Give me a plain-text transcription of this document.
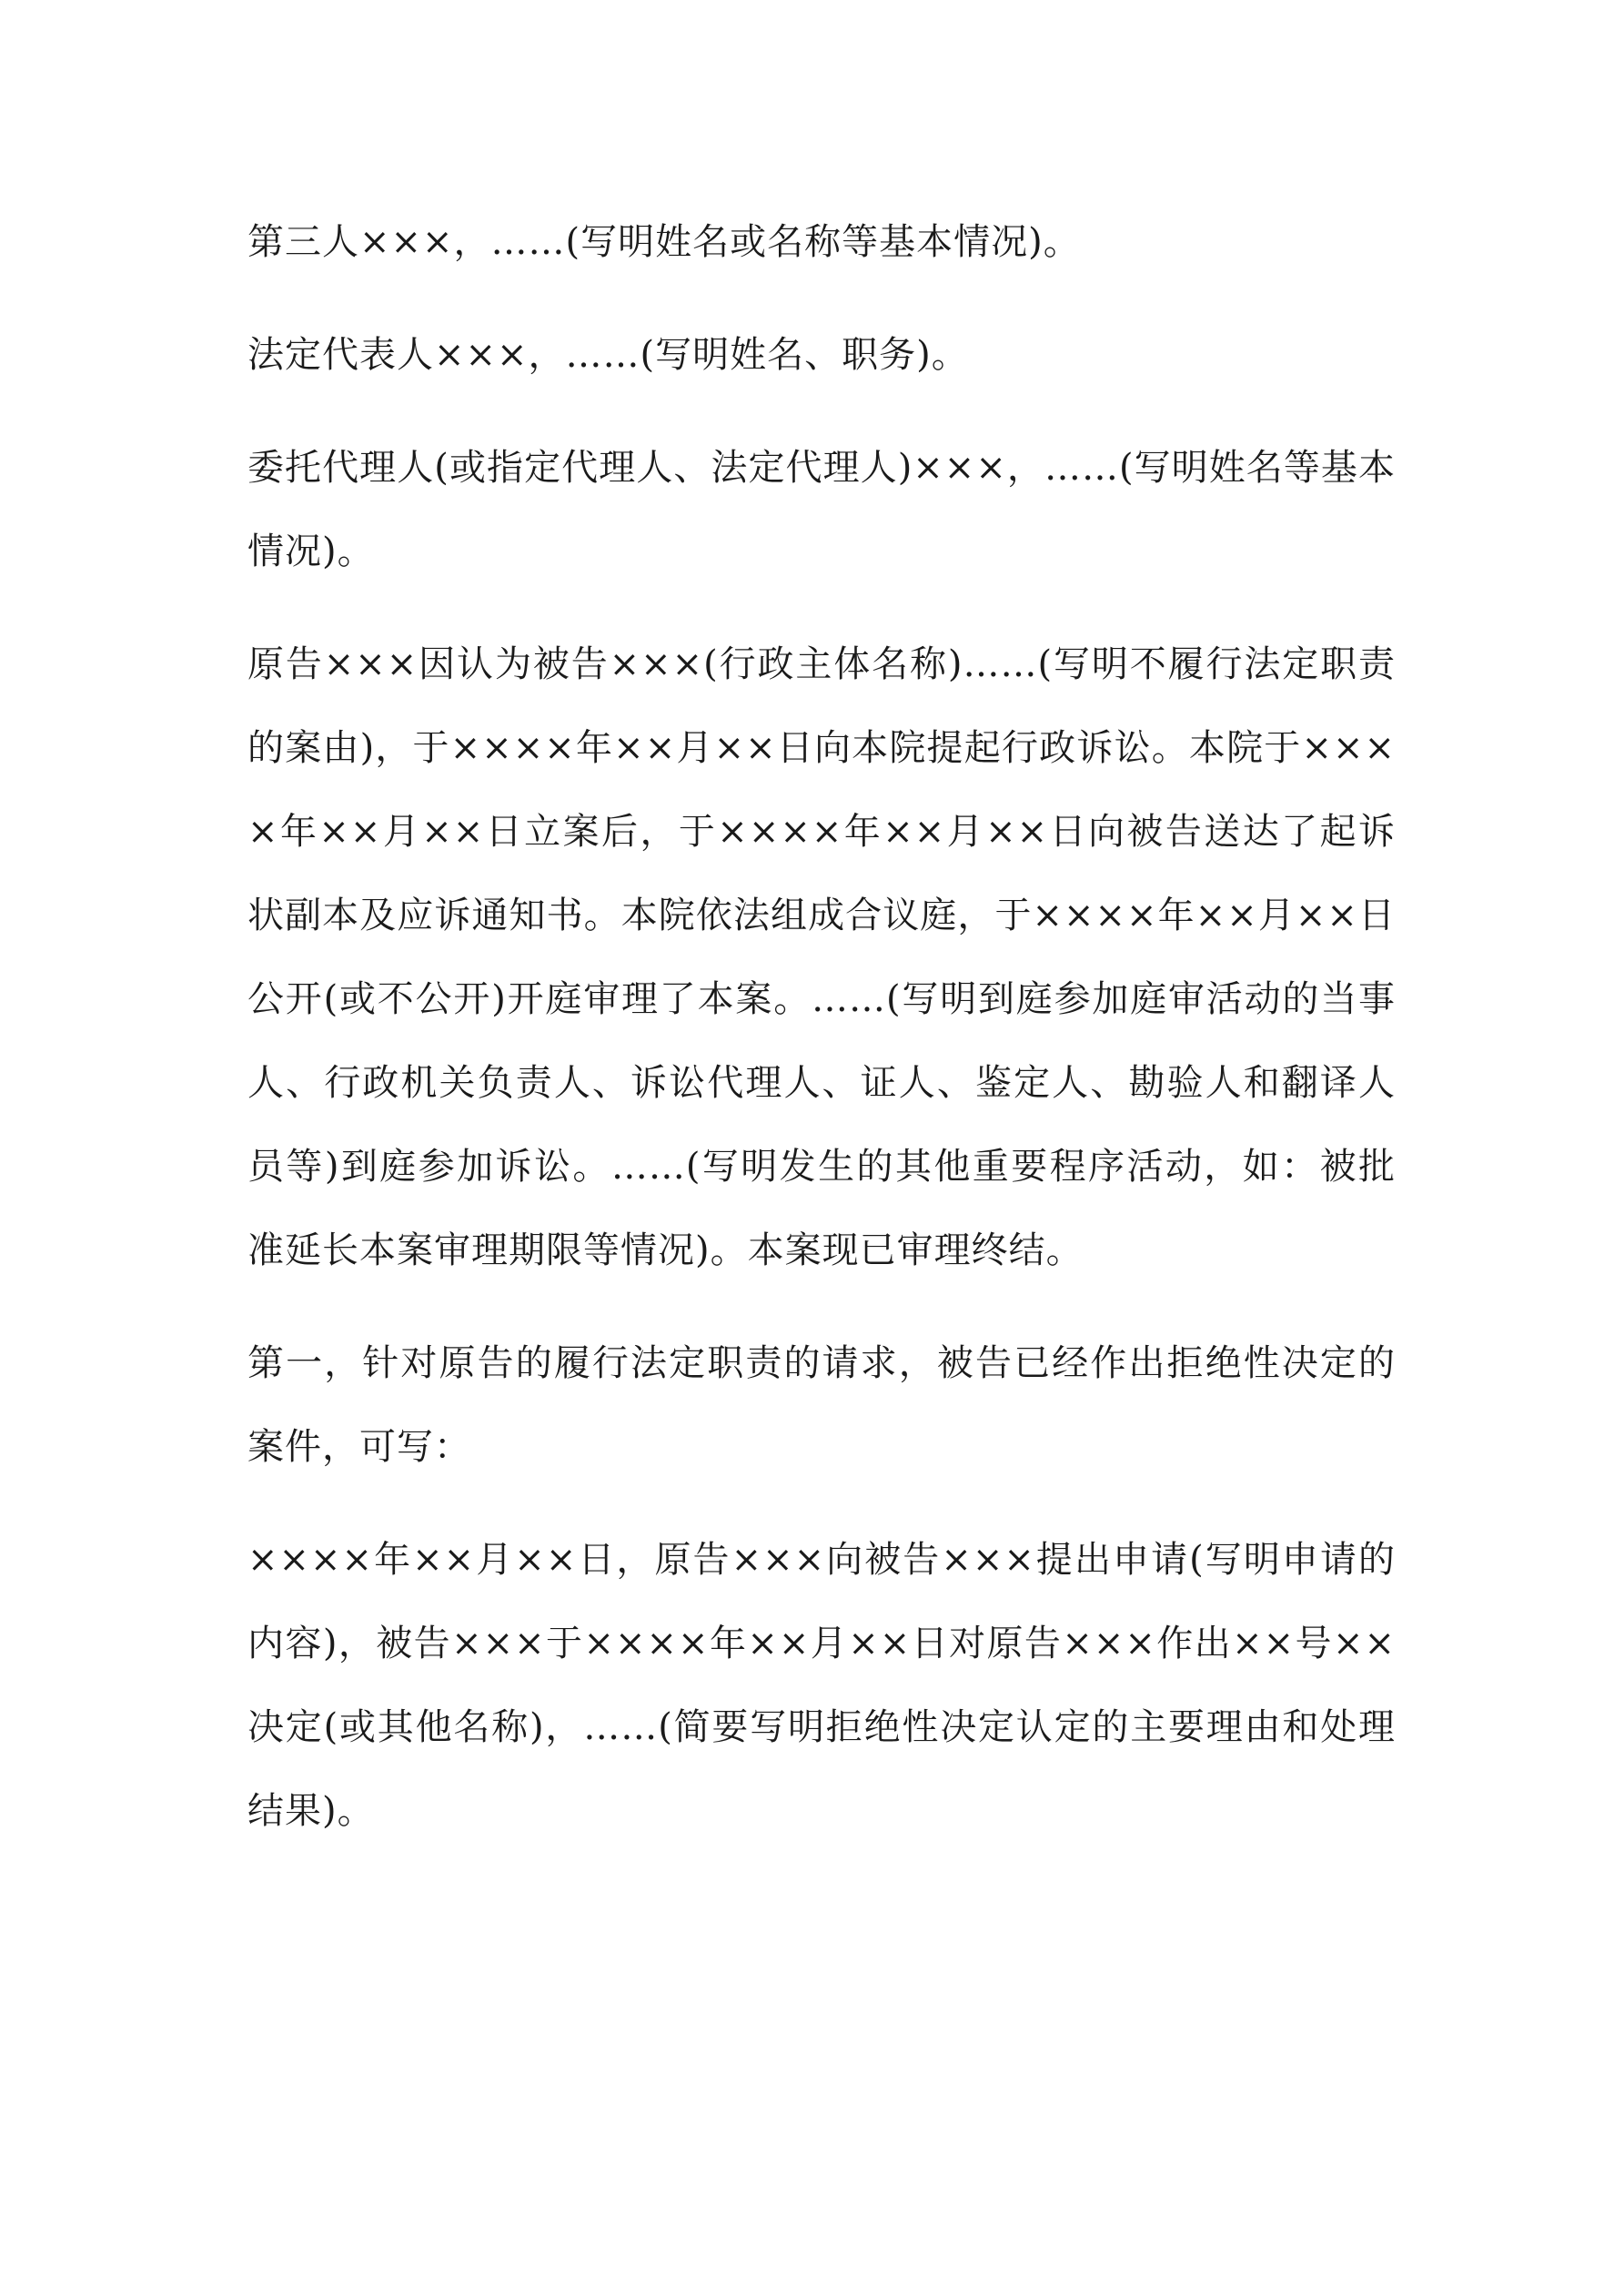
第三人×××，……(写明姓名或名称等基本情况)。

法定代表人×××，……(写明姓名、职务)。

委托代理人(或指定代理人、法定代理人)×××，……(写明姓名等基本情况)。

原告×××因认为被告×××(行政主体名称)……(写明不履行法定职责的案由)，于××××年××月××日向本院提起行政诉讼。本院于××××年××月××日立案后，于××××年××月××日向被告送达了起诉状副本及应诉通知书。本院依法组成合议庭，于××××年××月××日公开(或不公开)开庭审理了本案。……(写明到庭参加庭审活动的当事人、行政机关负责人、诉讼代理人、证人、鉴定人、勘验人和翻译人员等)到庭参加诉讼。……(写明发生的其他重要程序活动，如：被批准延长本案审理期限等情况)。本案现已审理终结。

第一，针对原告的履行法定职责的请求，被告已经作出拒绝性决定的案件，可写：

××××年××月××日，原告×××向被告×××提出申请(写明申请的内容)，被告×××于××××年××月××日对原告×××作出××号××决定(或其他名称)，……(简要写明拒绝性决定认定的主要理由和处理结果)。
